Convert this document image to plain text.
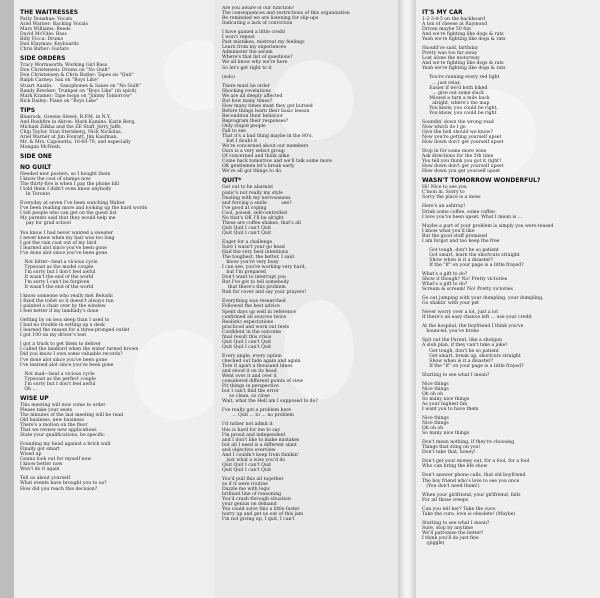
THE WAITRESSES
Patty Donahue: Vocals
Ariel Warner: Backing Vocals
Mars Williams: Reeds
David McVitie: Bass
Billy Ficca: Drums
Dan Klayman: Keyboards
Chris Butler: Guitars
SIDE ORDERS
Tracy Wormworth: Working Girl Bass
Don Christensen: Drums on "No Guilt"
Don Christensen & Chris Butler: Tapes on "Quit"
Ralph Carney: Sax on "Boys Like"
Stuart Austin:     Saxophones & Saxes on "No Guilt"
Randy Brecker: Trumpet on "Boys Like" (in spirit)
Mark Kramer: Tape loops on "Jimmy Tomorrow"
Rick Dailey: Piano on "Boys Like"
TIPS
Bluerock, Greene Street, R.P.M. in N.Y.
And Bushfire in Akron: Mark Kamins, Karin Berg,
Michael Zilkha and the ZE Staff, Jerry Jaffe,
Chip Taylor, Stan Sternberg, Nick Nicholas,
Ariel Warner at Jim Fouratt, Jim Kaufman,
Mr. & Mrs. Caponetta, 16-60-70, and especially
Mongan McNesh.
SIDE ONE
NO GUILT
Needed new posters, so I bought them
I know the cost of stamps now
The thirty-five is when I pay the phone bill
I told them I didn't even know anybody
In Toronto
Everyday at seven I've been watching Walter
I've been reading more and looking up the hard words
I tell people who can get on the guest list
My parents said that they would help me
pay for grad school
You know I had never wanted a sweater
I never knew when my hair was too long
I got the rain coat out of my bird
I learned alot since you've been gone
I've done alot since you've been gone
Not bitter—beat a vicious cycle
Typecast as the model couple
I'm sorry but I don't feel awful
It wasn't the end of the world
I'm sorry I can't be forgiven
It wasn't the end of the world
I know someone who really met Belushi
I fixed the toilet so it doesn't always run
I painted a chair over by the window
I feel better if my landlady's done
Getting by on less sleep than I used to
I had no trouble in setting up a desk
I learned the reason for a three-pronged outlet
I got 100 on my driver's test
I got a truck to get them to deliver
I called the landlord when the water turned brown
Did you know I own some valuable records?
I've done alot since you've been gone
I've learned alot since you've been gone
Not mad—beat a vicious cycle
Typecast as the perfect couple
I'm sorry but I don't feel awful
Oh ...
WISE UP
This meeting will now come to order
Please take your seats
The minutes of the last meeting will be read
Old business, new business
There's a motion on the floor
That we review new applications
State your qualifications, be specific
Founding my head against a brick wall
Finally got smart
Wised up
Gonna look out for myself now
I know better now
Won't do it again
Tell us about yourself
What events have brought you to us?
How did you reach this decision?
Are you aware of our function?
The consequences and restrictions of this organization
Be reminded we are listening for slip-ups
Indicating a lack of conviction
I have gained a little credit
I won't repeat
Past mistakes, mistreat my feelings
Learn from my experiences
Administer the serum
Where's that list of questions?
We all know why we're here
So let's get right to it
(solo)
There must be order
Shocking revelations
We are all deeply affected
But how many times?
How many times must they get burned
Before things learn their basic lesson
Reconditon their behavior
Reprogram their responses?
Only stupid people
Fall to see
That it's a bad thing maybe in the 80's,
but I doubt it
We're concerned about our members
Ours is a very select group
Of concerned and think alike
Come back tomorrow and we'll talk some more
OK gentlemen let's break early
We've all got things to do.
QUIT*
Got out to be alarmist
panic's not really my style
Dealing with my nervousness
and forcing a smile          see?
I've good at coping
Cool, poised, self-controlled
No that's OK I'll be alright
These are coffee shakes, that's all
Quit Quit I can't Quit
Quit Quit I can't Quit
Eager for a challenge
Sure I wasn't your go head
Had the very best intentions
The toughest, the better, I said
know you're very busy
I can see, you're working very hard,
but I'm prepared
Don't want to interrupt you
But I've got to tell somebody
that there's this problem
Rub for cover and say your prayers!
Everything was researched
Followed the best advice
Spent days up well in reference
confirmed all sources twice
Realistic expectations
practiced and worn out tests
Confident in the outcome
final result this crisis
Quit Quit I can't Quit
Quit Quit I can't Quit
Every angle, every option
checked out fade again and again
Tore it apart a thousand times
and stood it on its head
Went over it and over it
considered different points of view
Pit things in perspective
but I can't find the error
so clean, so close
Wait, what the Hell am I supposed to do?
I've really got a problem here
... Quit ... to ... no problem
I'd rather not admit it
this is hard for me to say
I'm proud and independent
and I don't like to make mistakes
but all I need is a different slant
and objective overview
And I couldn't keep from thinkin'
just what a wise you'd do
Quit Quit I can't Quit
Quit Quit I can't Quit
You'd pull this all together
as if it were routine
Dazzle me with logic
brilliant line of reasoning
You'd crash through situation
your genius on demand
You could solve this a little faster
hurry up and get us out of this jam
I'm not giving up, I quit, I can't
IT'S MY CAR
1-2-3-4-5 on the backboard
A ton of cheese at Raymond
Driven maybe 50 fun
And we're fighting like dogs & rats
Yeah we're fighting like dogs & rats
Should've said, birthday
Pretty was too far away
Lost alone the motorway
And we're fighting like dogs & rats
Yeah we're fighting like dogs & rats
You're running every red light
... just relax
Easier if we'd both hiked
... give out some slack
Missed a turn a mile back
alright, where's the map
You know, you could be right,
You know, you could be right
Soundin' down the wrong road
Now which do I go
Give the hell should we know?
Now you're getting yourself upset
How down don't get yourself upset
Stop in for some more wine
Ask directions for the 5th time
You tell you think you got it right?
How down don't get yourself upset
How down you get yourself upset
WASN'T TOMORROW WONDERFUL?
Hi! Nice to see you
C'mon in. Sorry to
Sorry the place is a mess
Here's an ashtray!
Drink some coffee, some coffee
I love you've been upset. What I mean is ...
Maybe a part of your problem is simply you were teased
I know what you'd like
But the good stuff promised
I am forgot and too keep the free
Got tough, don't be so patient
Got smart, learn the shortcuts straight
Show when is it a disaster?
If the "If" on your page is a little frayed?
What's a gift to do?
Show it though? No! Pretty victories
What's a gift to do?
Scream & scream! No! Pretty victories
Go out jumping with your dumpling, your dumpling,
Go shakin' with your pet
Never worry over a lot, just a lot
If there's an easy chance left ... use your credit
At the hospital, the boyfriend I think you've
bounced, you've broke
Spit out the Parent, like a shotgun
A slob plan, if they can't take a joke!
Get tough, don't be so patient
Get smart, break up, shortcuts straight
Show when is it a disaster?
If the "If" on your page is a little frayed?
Starting to see what I mean?
Nice things
Nice things
Oh oh oh
So many nice things
As your highest fan
I want you to have them
Nice things
Nice things
Oh oh oh
So many nice things
Don't mean nothing, if they're choosing
Things that sting on you!
Don't take that, honey!
Don't get your money out, for a fool, for a fool
Who can bring the life show
Don't answer phone calls, that old boyfriend
The boy friend who's love to see you once
(You don't need them!)
When your girlfriend, your girlfriend, falls
For all those creeps
Can you tell her? Take the cure,
Take the cure, love is obsolete! (Maybe)
Starting to see what I mean?
Sure, stop by anytime
We'll patronise the better!
I think you'll do just fine
(giggle)
